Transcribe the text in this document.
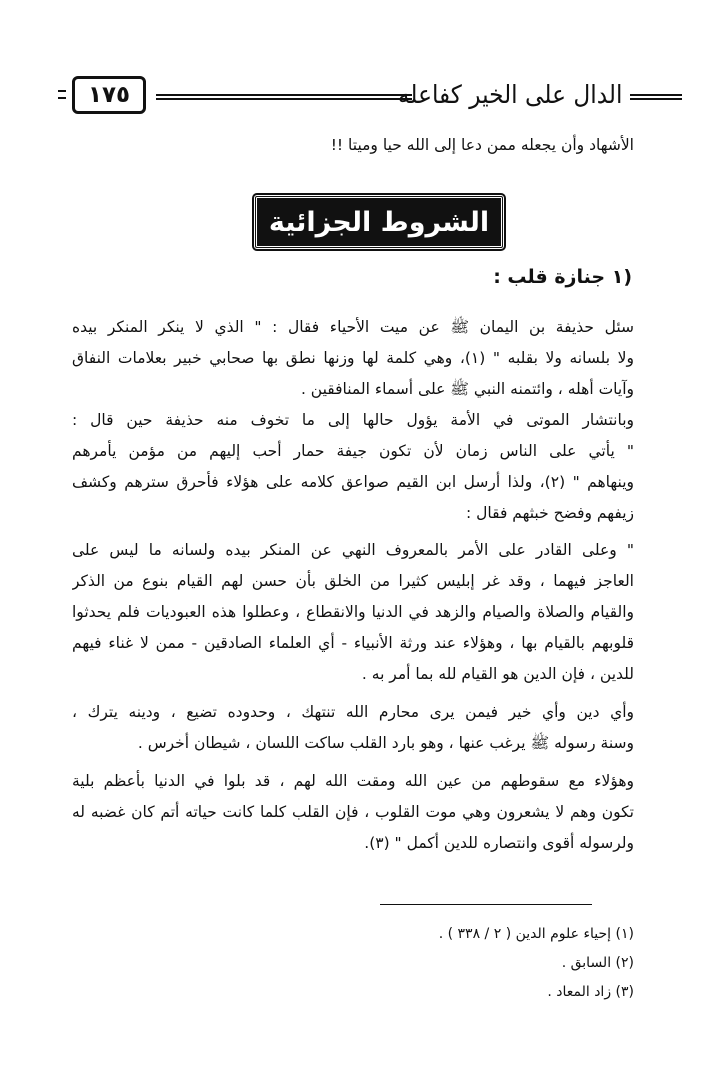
الدال على الخير كفاعله
١٧٥
الأشهاد وأن يجعله ممن دعا إلى الله حيا وميتا !!
الشروط الجزائية
(١ جنازة قلب :
سئل حذيفة بن اليمان ﷺ عن ميت الأحياء فقال : " الذي لا ينكر المنكر بيده
ولا بلسانه ولا بقلبه " (١)، وهي كلمة لها وزنها نطق بها صحابي خبير بعلامات النفاق
وآيات أهله ، وائتمنه النبي ﷺ على أسماء المنافقين .
وبانتشار الموتى في الأمة يؤول حالها إلى ما تخوف منه حذيفة حين قال :
" يأتي على الناس زمان لأن تكون جيفة حمار أحب إليهم من مؤمن يأمرهم
وينهاهم " (٢)، ولذا أرسل ابن القيم صواعق كلامه على هؤلاء فأحرق سترهم وكشف
زيفهم وفضح خبثهم فقال :
" وعلى القادر على الأمر بالمعروف النهي عن المنكر بيده ولسانه ما ليس على
العاجز فيهما ، وقد غر إبليس كثيرا من الخلق بأن حسن لهم القيام بنوع من الذكر
والقيام والصلاة والصيام والزهد في الدنيا والانقطاع ، وعطلوا هذه العبوديات فلم يحدثوا
قلوبهم بالقيام بها ، وهؤلاء عند ورثة الأنبياء - أي العلماء الصادقين - ممن لا غناء فيهم
للدين ، فإن الدين هو القيام لله بما أمر به .
وأي دين وأي خير فيمن يرى محارم الله تنتهك ، وحدوده تضيع ، ودينه يترك ،
وسنة رسوله ﷺ يرغب عنها ، وهو بارد القلب ساكت اللسان ، شيطان أخرس .
وهؤلاء مع سقوطهم من عين الله ومقت الله لهم ، قد بلوا في الدنيا بأعظم بلية
تكون وهم لا يشعرون وهي موت القلوب ، فإن القلب كلما كانت حياته أتم كان غضبه له
ولرسوله أقوى وانتصاره للدين أكمل " (٣).
(١) إحياء علوم الدين ( ٢ / ٣٣٨ ) .
(٢) السابق .
(٣) زاد المعاد .
